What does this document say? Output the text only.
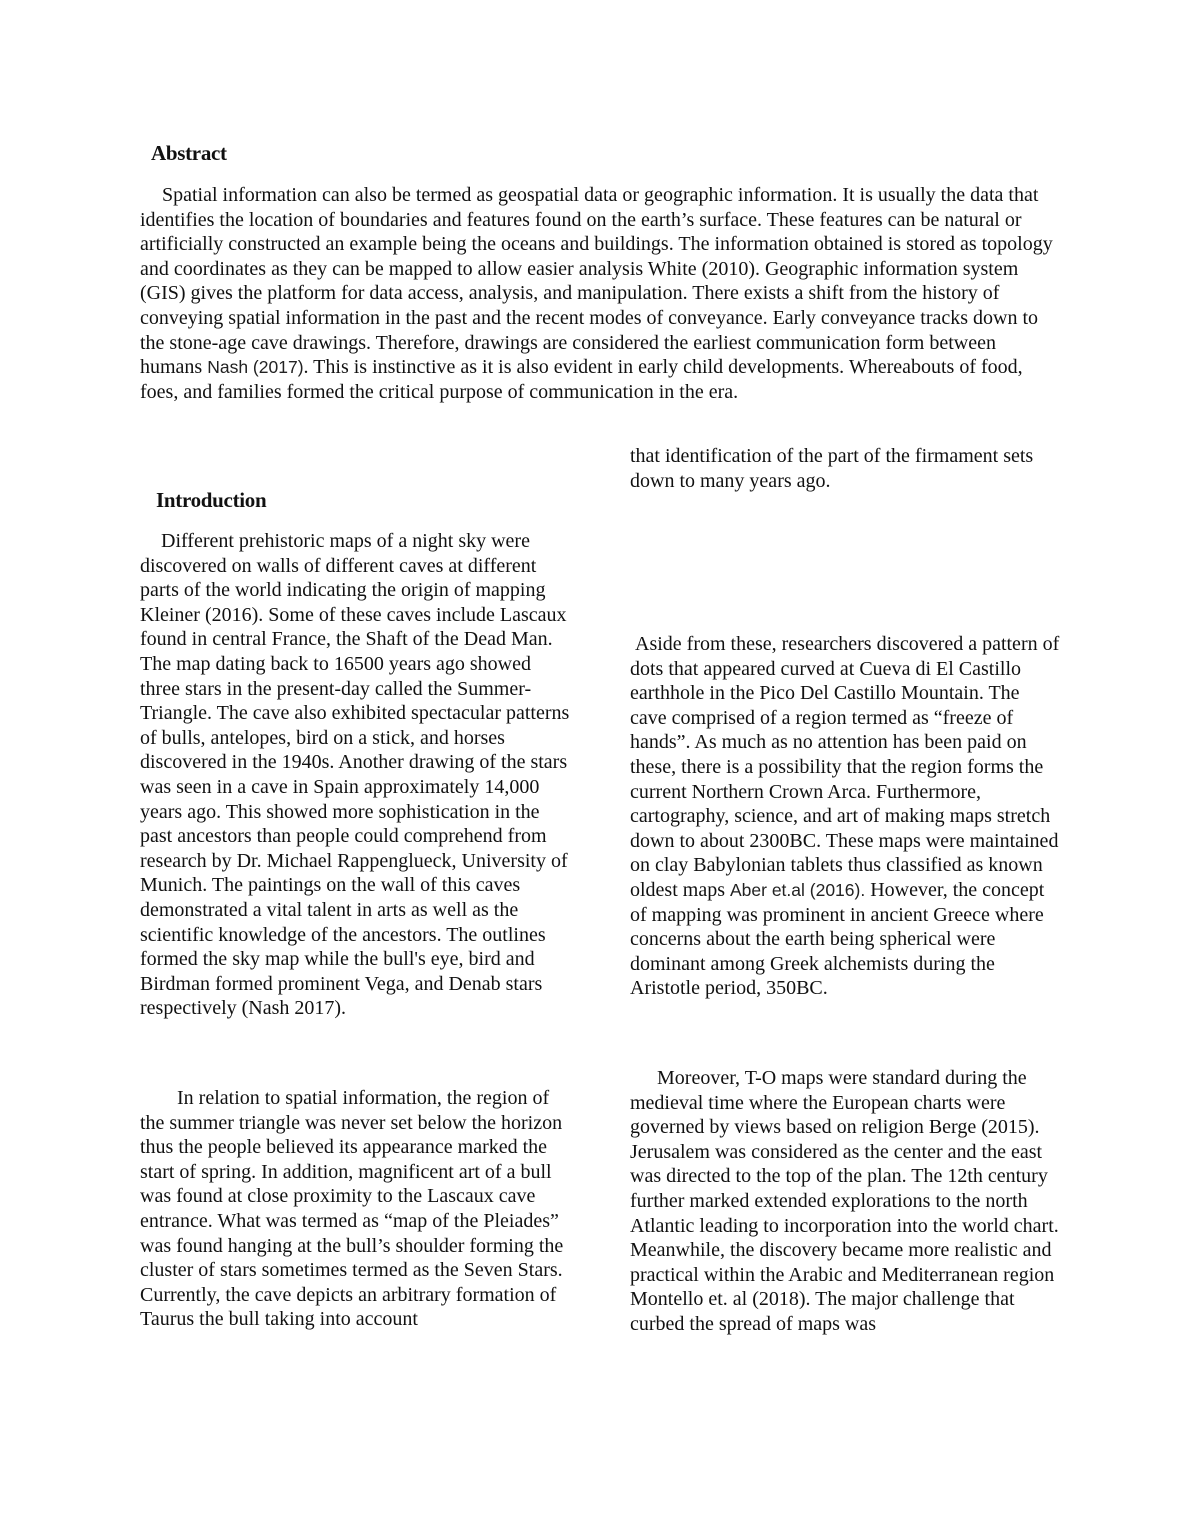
Abstract

Spatial information can also be termed as geospatial data or geographic information. It is usually the data that identifies the location of boundaries and features found on the earth’s surface. These features can be natural or artificially constructed an example being the oceans and buildings. The information obtained is stored as topology and coordinates as they can be mapped to allow easier analysis White (2010). Geographic information system (GIS) gives the platform for data access, analysis, and manipulation. There exists a shift from the history of conveying spatial information in the past and the recent modes of conveyance. Early conveyance tracks down to the stone-age cave drawings. Therefore, drawings are considered the earliest communication form between humans Nash (2017). This is instinctive as it is also evident in early child developments. Whereabouts of food, foes, and families formed the critical purpose of communication in the era.

Introduction

Different prehistoric maps of a night sky were discovered on walls of different caves at different parts of the world indicating the origin of mapping Kleiner (2016). Some of these caves include Lascaux found in central France, the Shaft of the Dead Man. The map dating back to 16500 years ago showed three stars in the present-day called the Summer-Triangle. The cave also exhibited spectacular patterns of bulls, antelopes, bird on a stick, and horses discovered in the 1940s. Another drawing of the stars was seen in a cave in Spain approximately 14,000 years ago. This showed more sophistication in the past ancestors than people could comprehend from research by Dr. Michael Rappenglueck, University of Munich. The paintings on the wall of this caves demonstrated a vital talent in arts as well as the scientific knowledge of the ancestors. The outlines formed the sky map while the bull's eye, bird and Birdman formed prominent Vega, and Denab stars respectively (Nash 2017).

In relation to spatial information, the region of the summer triangle was never set below the horizon thus the people believed its appearance marked the start of spring. In addition, magnificent art of a bull was found at close proximity to the Lascaux cave entrance. What was termed as “map of the Pleiades” was found hanging at the bull’s shoulder forming the cluster of stars sometimes termed as the Seven Stars. Currently, the cave depicts an arbitrary formation of Taurus the bull taking into account

that identification of the part of the firmament sets down to many years ago.

Aside from these, researchers discovered a pattern of dots that appeared curved at Cueva di El Castillo earthhole in the Pico Del Castillo Mountain. The cave comprised of a region termed as “freeze of hands”. As much as no attention has been paid on these, there is a possibility that the region forms the current Northern Crown Arca. Furthermore, cartography, science, and art of making maps stretch down to about 2300BC. These maps were maintained on clay Babylonian tablets thus classified as known oldest maps Aber et.al (2016). However, the concept of mapping was prominent in ancient Greece where concerns about the earth being spherical were dominant among Greek alchemists during the Aristotle period, 350BC.

Moreover, T-O maps were standard during the medieval time where the European charts were governed by views based on religion Berge (2015). Jerusalem was considered as the center and the east was directed to the top of the plan. The 12th century further marked extended explorations to the north Atlantic leading to incorporation into the world chart. Meanwhile, the discovery became more realistic and practical within the Arabic and Mediterranean region Montello et. al (2018). The major challenge that curbed the spread of maps was
